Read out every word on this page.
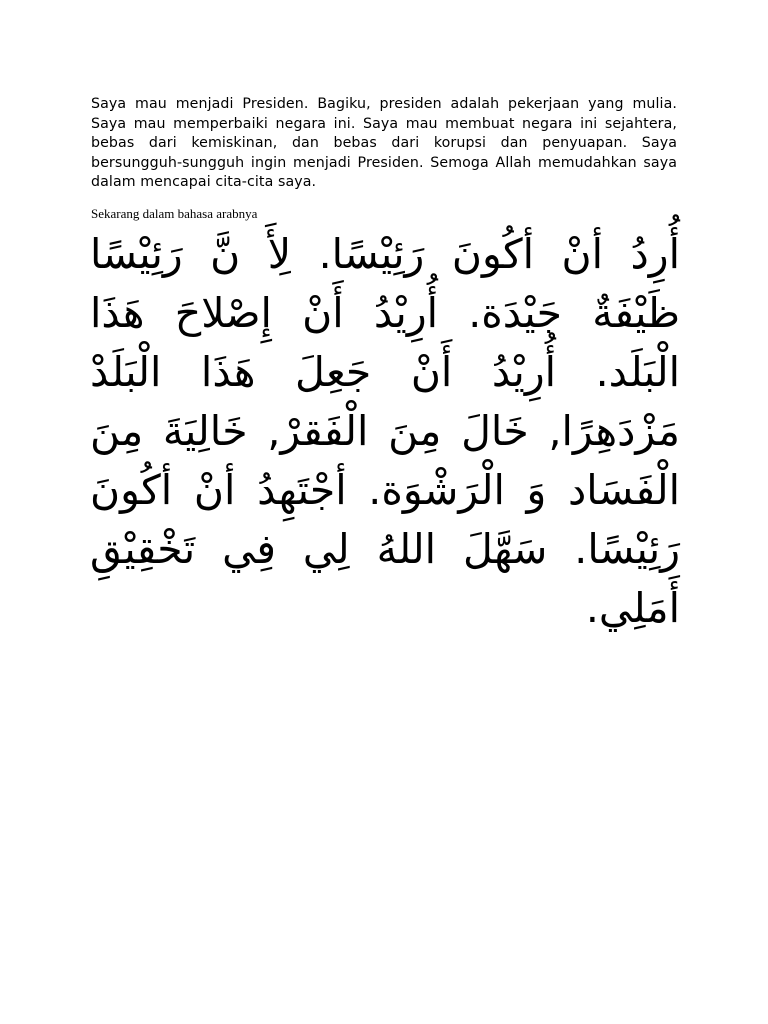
Saya mau menjadi Presiden. Bagiku, presiden adalah pekerjaan yang mulia. Saya mau memperbaiki negara ini. Saya mau membuat negara ini sejahtera, bebas dari kemiskinan, dan bebas dari korupsi dan penyuapan. Saya bersungguh-sungguh ingin menjadi Presiden. Semoga Allah memudahkan saya dalam mencapai cita-cita saya.

Sekarang dalam bahasa arabnya

أُرِدُ أنْ أكُونَ رَئِيْسًا. لِأَ نَّ رَئِيْسًا ظَيْفَةٌ جَيْدَة. أُرِيْدُ أَنْ إِصْلاحَ هَذَا الْبَلَد. أُرِيْدُ أَنْ جَعِلَ هَذَا الْبَلَدْ مَزْدَهِرًا, خَالَ مِنَ الْفَقرْ, خَالِيَةَ مِنَ الْفَسَاد وَ الْرَشْوَة. أجْتَهِدُ أنْ أكُونَ رَئِيْسًا. سَهَّلَ اللهُ لِي فِي تَخْقِيْقِ أَمَلِي.
